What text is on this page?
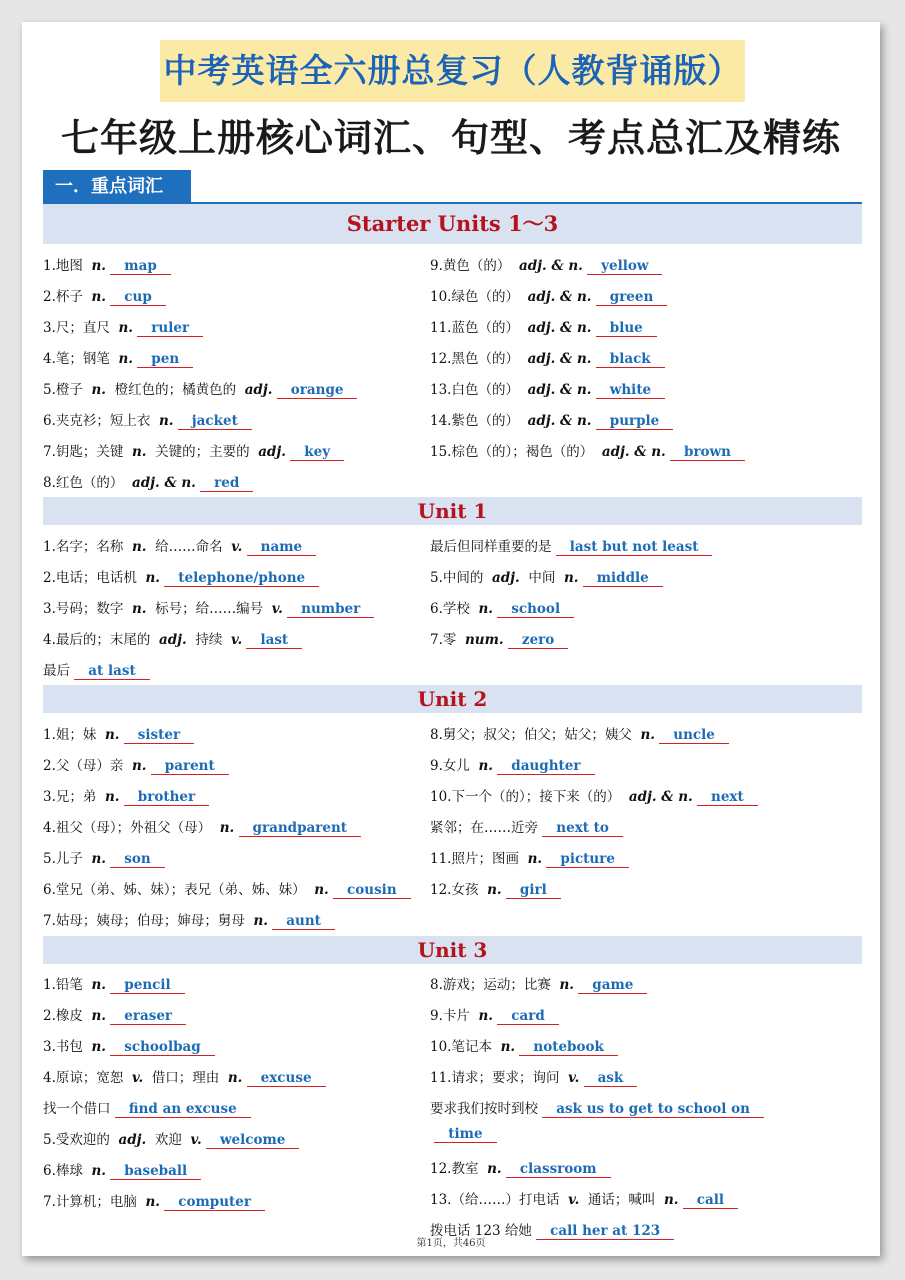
中考英语全六册总复习（人教背诵版）
七年级上册核心词汇、句型、考点总汇及精练
一．重点词汇
Starter Units 1～3
1.地图 n. map
2.杯子 n. cup
3.尺；直尺 n. ruler
4.笔；钢笔 n. pen
5.橙子 n. 橙红色的；橘黄色的 adj. orange
6.夹克衫；短上衣 n. jacket
7.钥匙；关键 n. 关键的；主要的 adj. key
8.红色（的） adj. & n. red
9.黄色（的） adj. & n. yellow
10.绿色（的） adj. & n. green
11.蓝色（的） adj. & n. blue
12.黑色（的） adj. & n. black
13.白色（的） adj. & n. white
14.紫色（的） adj. & n. purple
15.棕色（的）；褐色（的） adj. & n. brown
Unit 1
1.名字；名称 n. 给……命名 v. name
2.电话；电话机 n. telephone/phone
3.号码；数字 n. 标号；给……编号 v. number
4.最后的；末尾的 adj. 持续 v. last
最后 at last
最后但同样重要的是 last but not least
5.中间的 adj. 中间 n. middle
6.学校 n. school
7.零 num. zero
Unit 2
1.姐；妹 n. sister
2.父（母）亲 n. parent
3.兄；弟 n. brother
4.祖父（母）；外祖父（母） n. grandparent
5.儿子 n. son
6.堂兄（弟、姊、妹）；表兄（弟、姊、妹） n. cousin
7.姑母；姨母；伯母；婶母；舅母 n. aunt
8.舅父；叔父；伯父；姑父；姨父 n. uncle
9.女儿 n. daughter
10.下一个（的）；接下来（的） adj. & n. next
紧邻；在……近旁 next to
11.照片；图画 n. picture
12.女孩 n. girl
Unit 3
1.铅笔 n. pencil
2.橡皮 n. eraser
3.书包 n. schoolbag
4.原谅；宽恕 v. 借口；理由 n. excuse
找一个借口 find an excuse
5.受欢迎的 adj. 欢迎 v. welcome
6.棒球 n. baseball
7.计算机；电脑 n. computer
8.游戏；运动；比赛 n. game
9.卡片 n. card
10.笔记本 n. notebook
11.请求；要求；询问 v. ask
要求我们按时到校 ask us to get to school on
time
12.教室 n. classroom
13.（给……）打电话 v. 通话；喊叫 n. call
拨电话 123 给她 call her at 123
第1页，共46页
